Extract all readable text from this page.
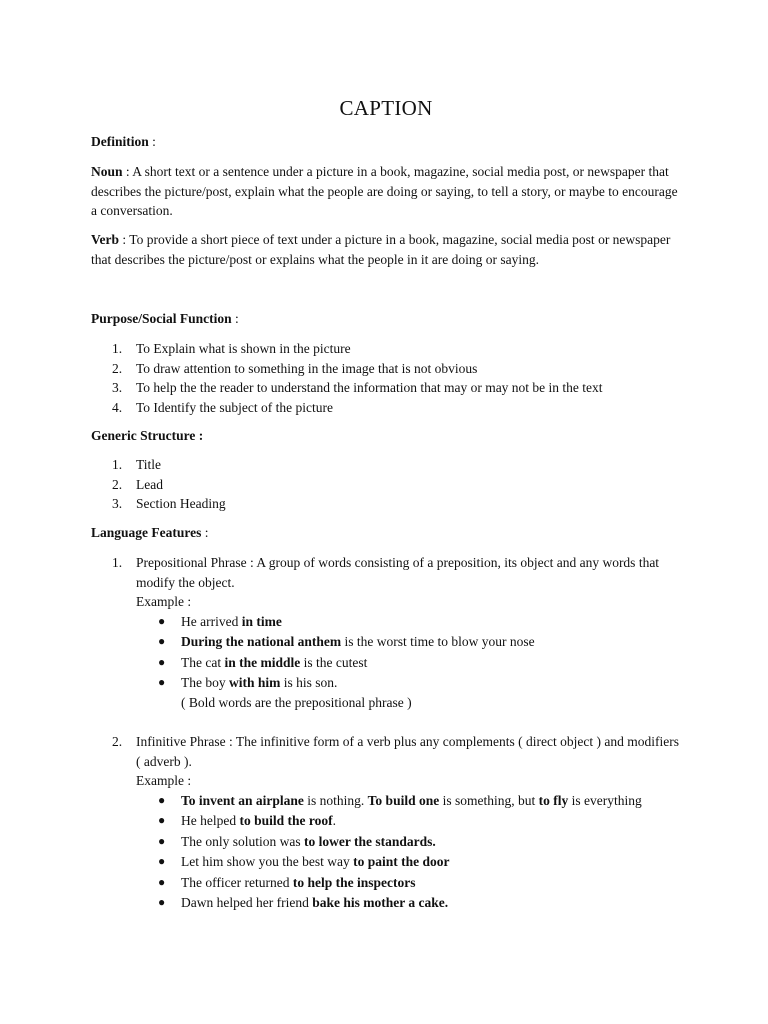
CAPTION
Definition :
Noun : A short text or a sentence under a picture in a book, magazine, social media post, or newspaper that describes the picture/post, explain what the people are doing or saying, to tell a story, or maybe to encourage a conversation.
Verb : To provide a short piece of text under a picture in a book, magazine, social media post or newspaper that describes the picture/post or explains what the people in it are doing or saying.
Purpose/Social Function :
1. To Explain what is shown in the picture
2. To draw attention to something in the image that is not obvious
3. To help the the reader to understand the information that may or may not be in the text
4. To Identify the subject of the picture
Generic Structure :
1. Title
2. Lead
3. Section Heading
Language Features :
1. Prepositional Phrase : A group of words consisting of a preposition, its object and any words that modify the object.
Example :
● He arrived in time
● During the national anthem is the worst time to blow your nose
● The cat in the middle is the cutest
● The boy with him is his son.
( Bold words are the prepositional phrase )
2. Infinitive Phrase : The infinitive form of a verb plus any complements ( direct object ) and modifiers ( adverb ).
Example :
● To invent an airplane is nothing. To build one is something, but to fly is everything
● He helped to build the roof.
● The only solution was to lower the standards.
● Let him show you the best way to paint the door
● The officer returned to help the inspectors
● Dawn helped her friend bake his mother a cake.
